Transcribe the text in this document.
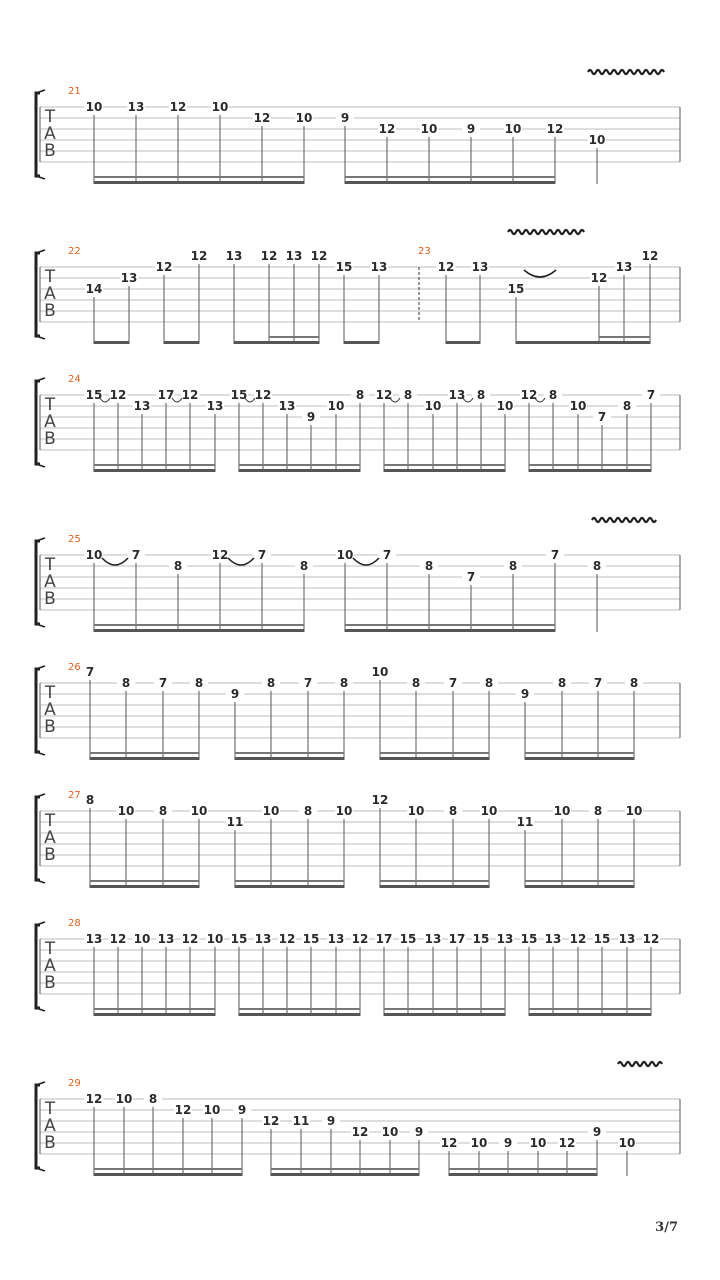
T
A
B
21
10 13 12 10
12 10 9
12 10 9 10 12
10
T
A
B
22	23
14
13
12
12 13 12 13 12
15 13	12 13
15
12
13
12
T
A
B
24
15 12
13
17 12
13
15 12
13
9
10
8 12 8
10
13 8
10
12 8
10
7
8
7
T
A
B
25
10 7
8
12 7
8
10 7
8
7
8
7
8
T
A
B
26 7
8 7 8
9
8 7 8
10
8 7 8
9
8 7 8
T
A
B
27 8
10 8 10
11
10 8 10
12
10 8 10
11
10 8 10
T
A
B
28
13 12 10 13 12 10 15 13 12 15 13 12 17 15 13 17 15 13 15 13 12 15 13 12
T
A
B
29
12 10 8
12 10 9
12 11 9
12 10 9
12 10 9 10 12
9
10
3/7
